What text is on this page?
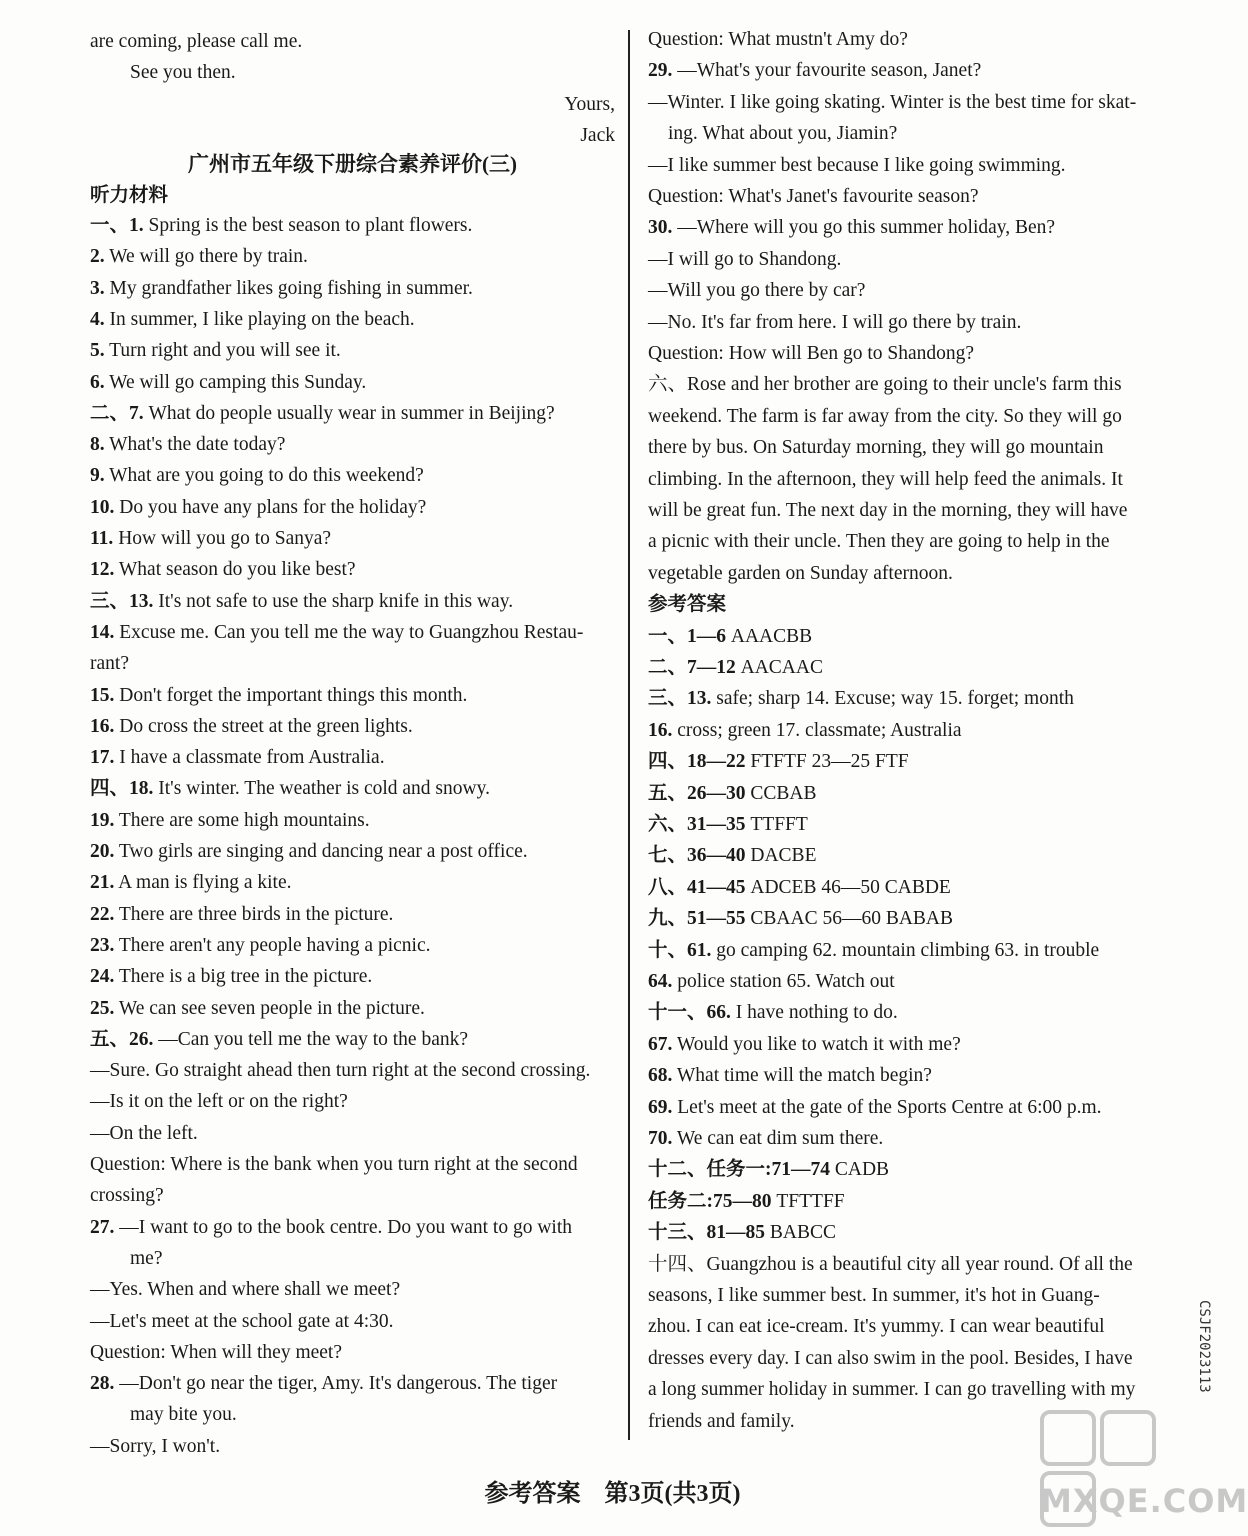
are coming, please call me.
See you then.
Yours,
Jack
广州市五年级下册综合素养评价(三)
听力材料
一、1. Spring is the best season to plant flowers.
2. We will go there by train.
3. My grandfather likes going fishing in summer.
4. In summer, I like playing on the beach.
5. Turn right and you will see it.
6. We will go camping this Sunday.
二、7. What do people usually wear in summer in Beijing?
8. What's the date today?
9. What are you going to do this weekend?
10. Do you have any plans for the holiday?
11. How will you go to Sanya?
12. What season do you like best?
三、13. It's not safe to use the sharp knife in this way.
14. Excuse me. Can you tell me the way to Guangzhou Restau-
rant?
15. Don't forget the important things this month.
16. Do cross the street at the green lights.
17. I have a classmate from Australia.
四、18. It's winter. The weather is cold and snowy.
19. There are some high mountains.
20. Two girls are singing and dancing near a post office.
21. A man is flying a kite.
22. There are three birds in the picture.
23. There aren't any people having a picnic.
24. There is a big tree in the picture.
25. We can see seven people in the picture.
五、26. —Can you tell me the way to the bank?
—Sure. Go straight ahead then turn right at the second crossing.
—Is it on the left or on the right?
—On the left.
Question: Where is the bank when you turn right at the second
crossing?
27. —I want to go to the book centre. Do you want to go with
me?
—Yes. When and where shall we meet?
—Let's meet at the school gate at 4:30.
Question: When will they meet?
28. —Don't go near the tiger, Amy. It's dangerous. The tiger
may bite you.
—Sorry, I won't.
Question: What mustn't Amy do?
29. —What's your favourite season, Janet?
—Winter. I like going skating. Winter is the best time for skat-
ing. What about you, Jiamin?
—I like summer best because I like going swimming.
Question: What's Janet's favourite season?
30. —Where will you go this summer holiday, Ben?
—I will go to Shandong.
—Will you go there by car?
—No. It's far from here. I will go there by train.
Question: How will Ben go to Shandong?
六、Rose and her brother are going to their uncle's farm this
weekend. The farm is far away from the city. So they will go
there by bus. On Saturday morning, they will go mountain
climbing. In the afternoon, they will help feed the animals. It
will be great fun. The next day in the morning, they will have
a picnic with their uncle. Then they are going to help in the
vegetable garden on Sunday afternoon.
参考答案
一、1—6 AAACBB
二、7—12 AACAAC
三、13. safe; sharp 14. Excuse; way 15. forget; month
16. cross; green 17. classmate; Australia
四、18—22 FTFTF 23—25 FTF
五、26—30 CCBAB
六、31—35 TTFFT
七、36—40 DACBE
八、41—45 ADCEB 46—50 CABDE
九、51—55 CBAAC 56—60 BABAB
十、61. go camping 62. mountain climbing 63. in trouble
64. police station 65. Watch out
十一、66. I have nothing to do.
67. Would you like to watch it with me?
68. What time will the match begin?
69. Let's meet at the gate of the Sports Centre at 6:00 p.m.
70. We can eat dim sum there.
十二、任务一:71—74 CADB
任务二:75—80 TFTTFF
十三、81—85 BABCC
十四、Guangzhou is a beautiful city all year round. Of all the
seasons, I like summer best. In summer, it's hot in Guang-
zhou. I can eat ice-cream. It's yummy. I can wear beautiful
dresses every day. I can also swim in the pool. Besides, I have
a long summer holiday in summer. I can go travelling with my
friends and family.
参考答案　第3页(共3页)
CSJF2023113
MXQE.COM
